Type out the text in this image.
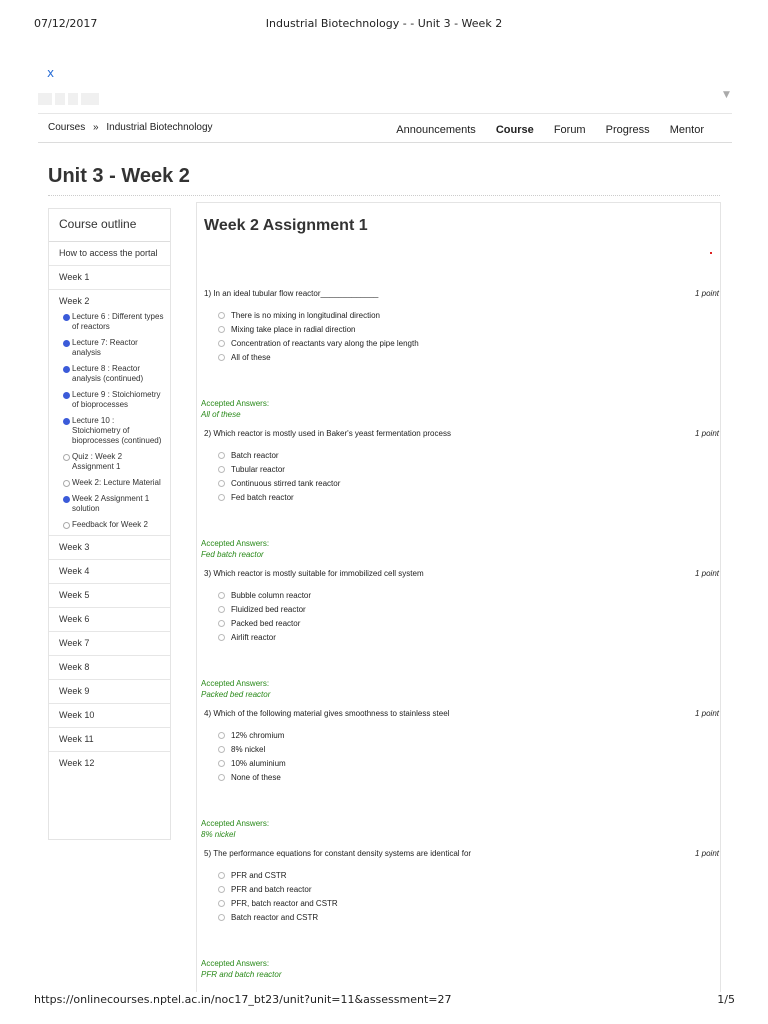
07/12/2017	Industrial Biotechnology - - Unit 3 - Week 2
x
▼
Courses » Industrial Biotechnology	Announcements Course Forum Progress Mentor
Unit 3 - Week 2
Course outline
How to access the portal
Week 1
Week 2
Lecture 6 : Different types of reactors
Lecture 7: Reactor analysis
Lecture 8 : Reactor analysis (continued)
Lecture 9 : Stoichiometry of bioprocesses
Lecture 10 : Stoichiometry of bioprocesses (continued)
Quiz : Week 2 Assignment 1
Week 2: Lecture Material
Week 2 Assignment 1 solution
Feedback for Week 2
Week 3
Week 4
Week 5
Week 6
Week 7
Week 8
Week 9
Week 10
Week 11
Week 12
Week 2 Assignment 1
1) In an ideal tubular flow reactor_____________	1 point
There is no mixing in longitudinal direction
Mixing take place in radial direction
Concentration of reactants vary along the pipe length
All of these
Accepted Answers:
All of these
2) Which reactor is mostly used in Baker's yeast fermentation process	1 point
Batch reactor
Tubular reactor
Continuous stirred tank reactor
Fed batch reactor
Accepted Answers:
Fed batch reactor
3) Which reactor is mostly suitable for immobilized cell system	1 point
Bubble column reactor
Fluidized bed reactor
Packed bed reactor
Airlift reactor
Accepted Answers:
Packed bed reactor
4) Which of the following material gives smoothness to stainless steel	1 point
12% chromium
8% nickel
10% aluminium
None of these
Accepted Answers:
8% nickel
5) The performance equations for constant density systems are identical for	1 point
PFR and CSTR
PFR and batch reactor
PFR, batch reactor and CSTR
Batch reactor and CSTR
Accepted Answers:
PFR and batch reactor
https://onlinecourses.nptel.ac.in/noc17_bt23/unit?unit=11&assessment=27	1/5
